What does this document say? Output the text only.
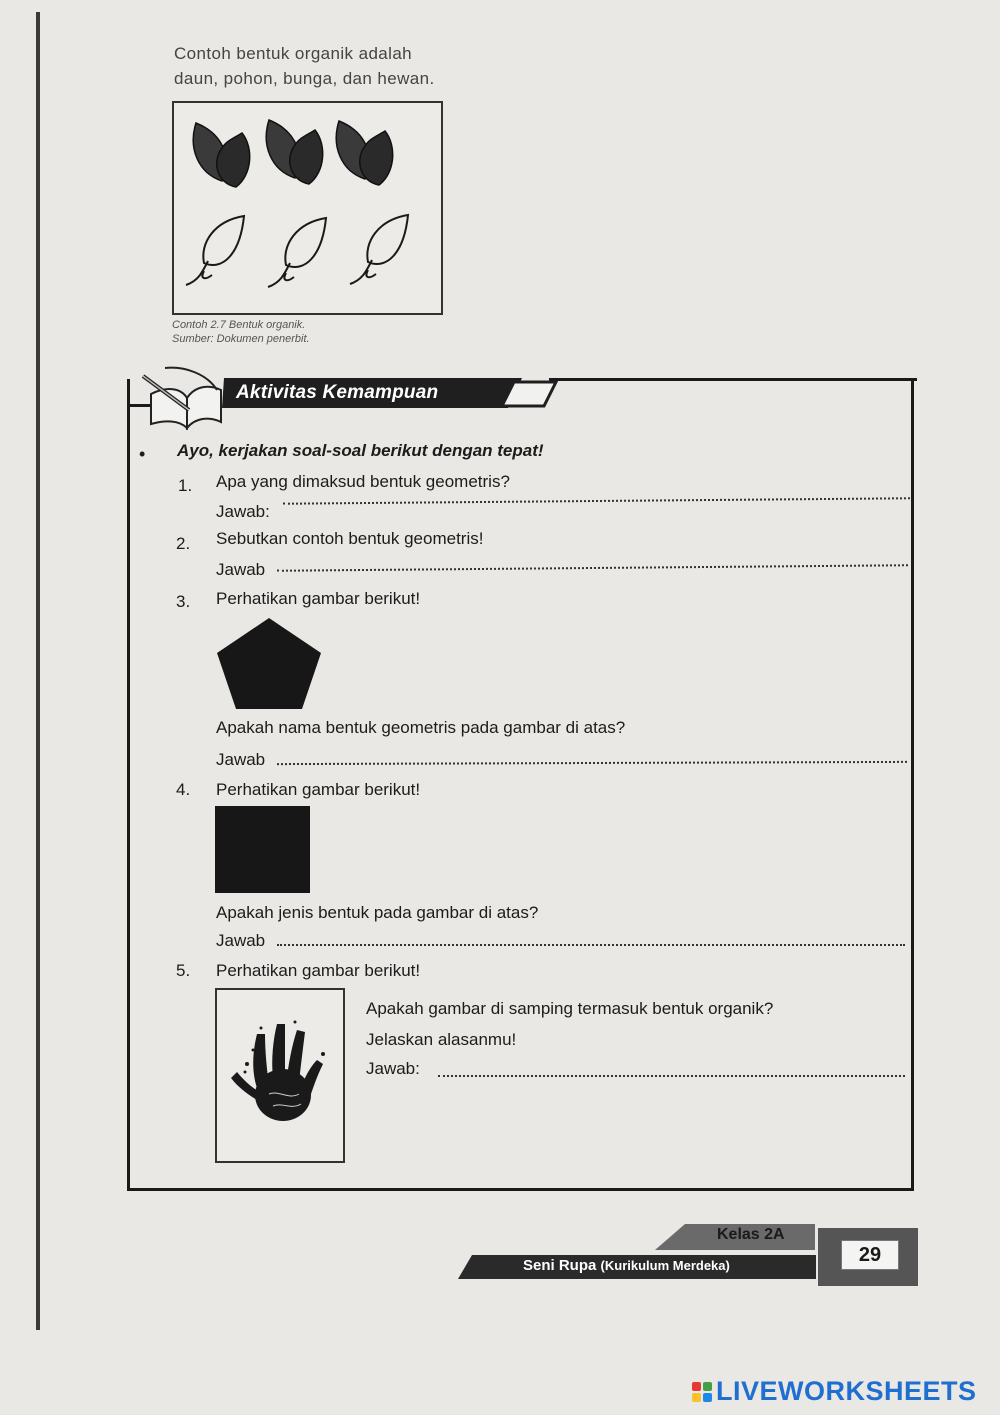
Contoh bentuk organik adalah
daun, pohon, bunga, dan hewan.
Contoh 2.7 Bentuk organik.
Sumber: Dokumen penerbit.
Aktivitas Kemampuan
• Ayo, kerjakan soal-soal berikut dengan tepat!
1. Apa yang dimaksud bentuk geometris?
Jawab:
2. Sebutkan contoh bentuk geometris!
Jawab
3. Perhatikan gambar berikut!
Apakah nama bentuk geometris pada gambar di atas?
Jawab
4. Perhatikan gambar berikut!
Apakah jenis bentuk pada gambar di atas?
Jawab
5. Perhatikan gambar berikut!
Apakah gambar di samping termasuk bentuk organik?
Jelaskan alasanmu!
Jawab:
Kelas 2A
Seni Rupa (Kurikulum Merdeka)	29
LIVEWORKSHEETS
